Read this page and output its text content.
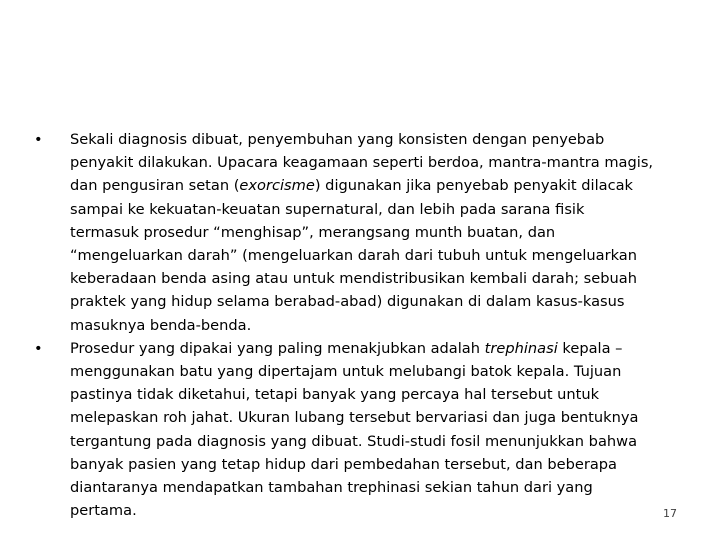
•
Sekali diagnosis dibuat, penyembuhan yang konsisten dengan penyebab penyakit dilakukan. Upacara keagamaan seperti berdoa, mantra-mantra magis, dan pengusiran setan (exorcisme) digunakan jika penyebab penyakit dilacak sampai ke kekuatan-keuatan supernatural, dan lebih pada sarana fisik termasuk prosedur “menghisap”, merangsang munth buatan, dan “mengeluarkan darah” (mengeluarkan darah dari tubuh untuk mengeluarkan keberadaan benda asing atau untuk mendistribusikan kembali darah; sebuah praktek yang hidup selama berabad-abad) digunakan di dalam kasus-kasus masuknya benda-benda.
•
Prosedur yang dipakai yang paling menakjubkan adalah trephinasi kepala – menggunakan batu yang dipertajam untuk melubangi batok kepala. Tujuan pastinya tidak diketahui, tetapi banyak yang percaya hal tersebut untuk melepaskan roh jahat. Ukuran lubang tersebut bervariasi dan juga bentuknya tergantung pada diagnosis yang dibuat. Studi-studi fosil menunjukkan bahwa banyak pasien yang tetap hidup dari pembedahan tersebut, dan beberapa diantaranya mendapatkan tambahan trephinasi sekian tahun dari yang pertama.	17
